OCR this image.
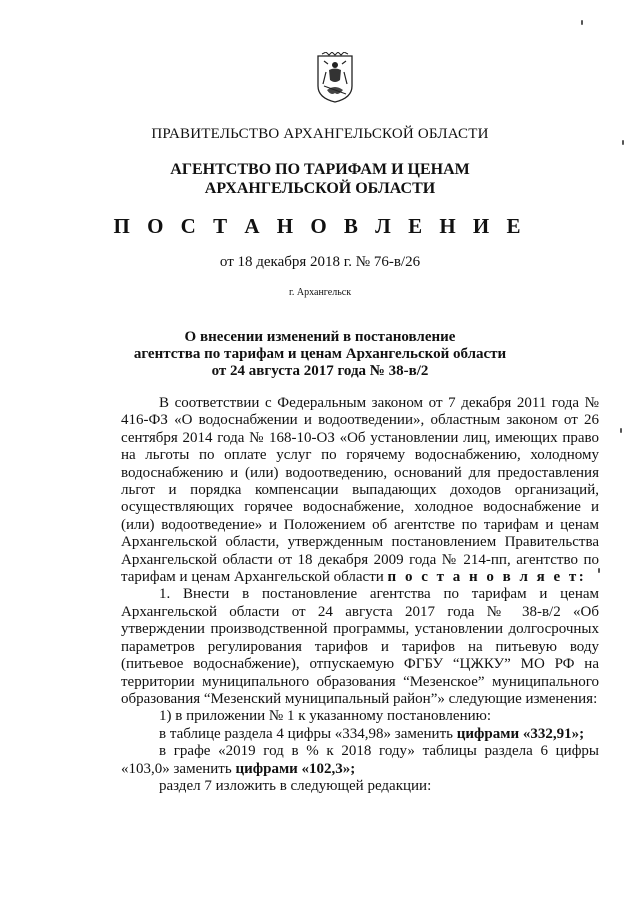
ПРАВИТЕЛЬСТВО АРХАНГЕЛЬСКОЙ ОБЛАСТИ
АГЕНТСТВО ПО ТАРИФАМ И ЦЕНАМ
АРХАНГЕЛЬСКОЙ ОБЛАСТИ
П О С Т А Н О В Л Е Н И Е
от 18 декабря 2018 г. № 76-в/26
г. Архангельск
О внесении изменений в постановление
агентства по тарифам и ценам Архангельской области
от 24 августа 2017 года № 38-в/2

В соответствии с Федеральным законом от 7 декабря 2011 года № 416-ФЗ «О водоснабжении и водоотведении», областным законом от 26 сентября 2014 года № 168-10-ОЗ «Об установлении лиц, имеющих право на льготы по оплате услуг по горячему водоснабжению, холодному водоснабжению и (или) водоотведению, оснований для предоставления льгот и порядка компенсации выпадающих доходов организаций, осуществляющих горячее водоснабжение, холодное водоснабжение и (или) водоотведение» и Положением об агентстве по тарифам и ценам Архангельской области, утвержденным постановлением Правительства Архангельской области от 18 декабря 2009 года № 214-пп, агентство по тарифам и ценам Архангельской области п о с т а н о в л я е т:

1. Внести в постановление агентства по тарифам и ценам Архангельской области от 24 августа 2017 года № 38-в/2 «Об утверждении производственной программы, установлении долгосрочных параметров регулирования тарифов и тарифов на питьевую воду (питьевое водоснабжение), отпускаемую ФГБУ “ЦЖКУ” МО РФ на территории муниципального образования “Мезенское” муниципального образования “Мезенский муниципальный район”» следующие изменения:

1) в приложении № 1 к указанному постановлению:

в таблице раздела 4 цифры «334,98» заменить цифрами «332,91»;

в графе «2019 год в % к 2018 году» таблицы раздела 6 цифры «103,0» заменить цифрами «102,3»;

раздел 7 изложить в следующей редакции:
